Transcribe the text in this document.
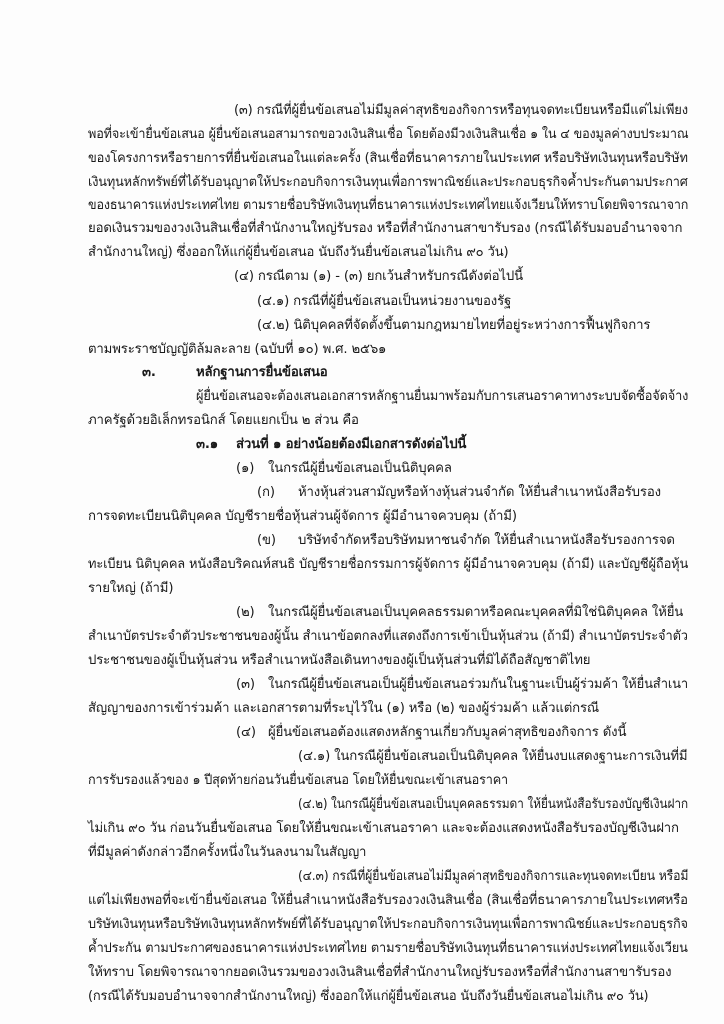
(๓) กรณีที่ผู้ยื่นข้อเสนอไม่มีมูลค่าสุทธิของกิจการหรือทุนจดทะเบียนหรือมีแต่ไม่เพียง
พอที่จะเข้ายื่นข้อเสนอ ผู้ยื่นข้อเสนอสามารถขอวงเงินสินเชื่อ โดยต้องมีวงเงินสินเชื่อ ๑ ใน ๔ ของมูลค่างบประมาณ
ของโครงการหรือรายการที่ยื่นข้อเสนอในแต่ละครั้ง (สินเชื่อที่ธนาคารภายในประเทศ หรือบริษัทเงินทุนหรือบริษัท
เงินทุนหลักทรัพย์ที่ได้รับอนุญาตให้ประกอบกิจการเงินทุนเพื่อการพาณิชย์และประกอบธุรกิจค้ำประกันตามประกาศ
ของธนาคารแห่งประเทศไทย ตามรายชื่อบริษัทเงินทุนที่ธนาคารแห่งประเทศไทยแจ้งเวียนให้ทราบโดยพิจารณาจาก
ยอดเงินรวมของวงเงินสินเชื่อที่สำนักงานใหญ่รับรอง หรือที่สำนักงานสาขารับรอง (กรณีได้รับมอบอำนาจจาก
สำนักงานใหญ่) ซึ่งออกให้แก่ผู้ยื่นข้อเสนอ นับถึงวันยื่นข้อเสนอไม่เกิน ๙๐ วัน)
(๔) กรณีตาม (๑) - (๓) ยกเว้นสำหรับกรณีดังต่อไปนี้
(๔.๑) กรณีที่ผู้ยื่นข้อเสนอเป็นหน่วยงานของรัฐ
(๔.๒) นิติบุคคลที่จัดตั้งขึ้นตามกฎหมายไทยที่อยู่ระหว่างการฟื้นฟูกิจการ
ตามพระราชบัญญัติล้มละลาย (ฉบับที่ ๑๐) พ.ศ. ๒๕๖๑
๓.	หลักฐานการยื่นข้อเสนอ
ผู้ยื่นข้อเสนอจะต้องเสนอเอกสารหลักฐานยื่นมาพร้อมกับการเสนอราคาทางระบบจัดซื้อจัดจ้าง
ภาครัฐด้วยอิเล็กทรอนิกส์ โดยแยกเป็น ๒ ส่วน คือ
๓.๑ ส่วนที่ ๑ อย่างน้อยต้องมีเอกสารดังต่อไปนี้
(๑) ในกรณีผู้ยื่นข้อเสนอเป็นนิติบุคคล
(ก) ห้างหุ้นส่วนสามัญหรือห้างหุ้นส่วนจำกัด ให้ยื่นสำเนาหนังสือรับรอง
การจดทะเบียนนิติบุคคล บัญชีรายชื่อหุ้นส่วนผู้จัดการ ผู้มีอำนาจควบคุม (ถ้ามี)
(ข) บริษัทจำกัดหรือบริษัทมหาชนจำกัด ให้ยื่นสำเนาหนังสือรับรองการจด
ทะเบียน นิติบุคคล หนังสือบริคณห์สนธิ บัญชีรายชื่อกรรมการผู้จัดการ ผู้มีอำนาจควบคุม (ถ้ามี) และบัญชีผู้ถือหุ้น
รายใหญ่ (ถ้ามี)
(๒) ในกรณีผู้ยื่นข้อเสนอเป็นบุคคลธรรมดาหรือคณะบุคคลที่มิใช่นิติบุคคล ให้ยื่น
สำเนาบัตรประจำตัวประชาชนของผู้นั้น สำเนาข้อตกลงที่แสดงถึงการเข้าเป็นหุ้นส่วน (ถ้ามี) สำเนาบัตรประจำตัว
ประชาชนของผู้เป็นหุ้นส่วน หรือสำเนาหนังสือเดินทางของผู้เป็นหุ้นส่วนที่มิได้ถือสัญชาติไทย
(๓) ในกรณีผู้ยื่นข้อเสนอเป็นผู้ยื่นข้อเสนอร่วมกันในฐานะเป็นผู้ร่วมค้า ให้ยื่นสำเนา
สัญญาของการเข้าร่วมค้า และเอกสารตามที่ระบุไว้ใน (๑) หรือ (๒) ของผู้ร่วมค้า แล้วแต่กรณี
(๔) ผู้ยื่นข้อเสนอต้องแสดงหลักฐานเกี่ยวกับมูลค่าสุทธิของกิจการ ดังนี้
(๔.๑) ในกรณีผู้ยื่นข้อเสนอเป็นนิติบุคคล ให้ยื่นงบแสดงฐานะการเงินที่มี
การรับรองแล้วของ ๑ ปีสุดท้ายก่อนวันยื่นข้อเสนอ โดยให้ยื่นขณะเข้าเสนอราคา
(๔.๒) ในกรณีผู้ยื่นข้อเสนอเป็นบุคคลธรรมดา ให้ยื่นหนังสือรับรองบัญชีเงินฝาก
ไม่เกิน ๙๐ วัน ก่อนวันยื่นข้อเสนอ โดยให้ยื่นขณะเข้าเสนอราคา และจะต้องแสดงหนังสือรับรองบัญชีเงินฝาก
ที่มีมูลค่าดังกล่าวอีกครั้งหนึ่งในวันลงนามในสัญญา
(๔.๓) กรณีที่ผู้ยื่นข้อเสนอไม่มีมูลค่าสุทธิของกิจการและทุนจดทะเบียน หรือมี
แต่ไม่เพียงพอที่จะเข้ายื่นข้อเสนอ ให้ยื่นสำเนาหนังสือรับรองวงเงินสินเชื่อ (สินเชื่อที่ธนาคารภายในประเทศหรือ
บริษัทเงินทุนหรือบริษัทเงินทุนหลักทรัพย์ที่ได้รับอนุญาตให้ประกอบกิจการเงินทุนเพื่อการพาณิชย์และประกอบธุรกิจ
ค้ำประกัน ตามประกาศของธนาคารแห่งประเทศไทย ตามรายชื่อบริษัทเงินทุนที่ธนาคารแห่งประเทศไทยแจ้งเวียน
ให้ทราบ โดยพิจารณาจากยอดเงินรวมของวงเงินสินเชื่อที่สำนักงานใหญ่รับรองหรือที่สำนักงานสาขารับรอง
(กรณีได้รับมอบอำนาจจากสำนักงานใหญ่) ซึ่งออกให้แก่ผู้ยื่นข้อเสนอ นับถึงวันยื่นข้อเสนอไม่เกิน ๙๐ วัน)
